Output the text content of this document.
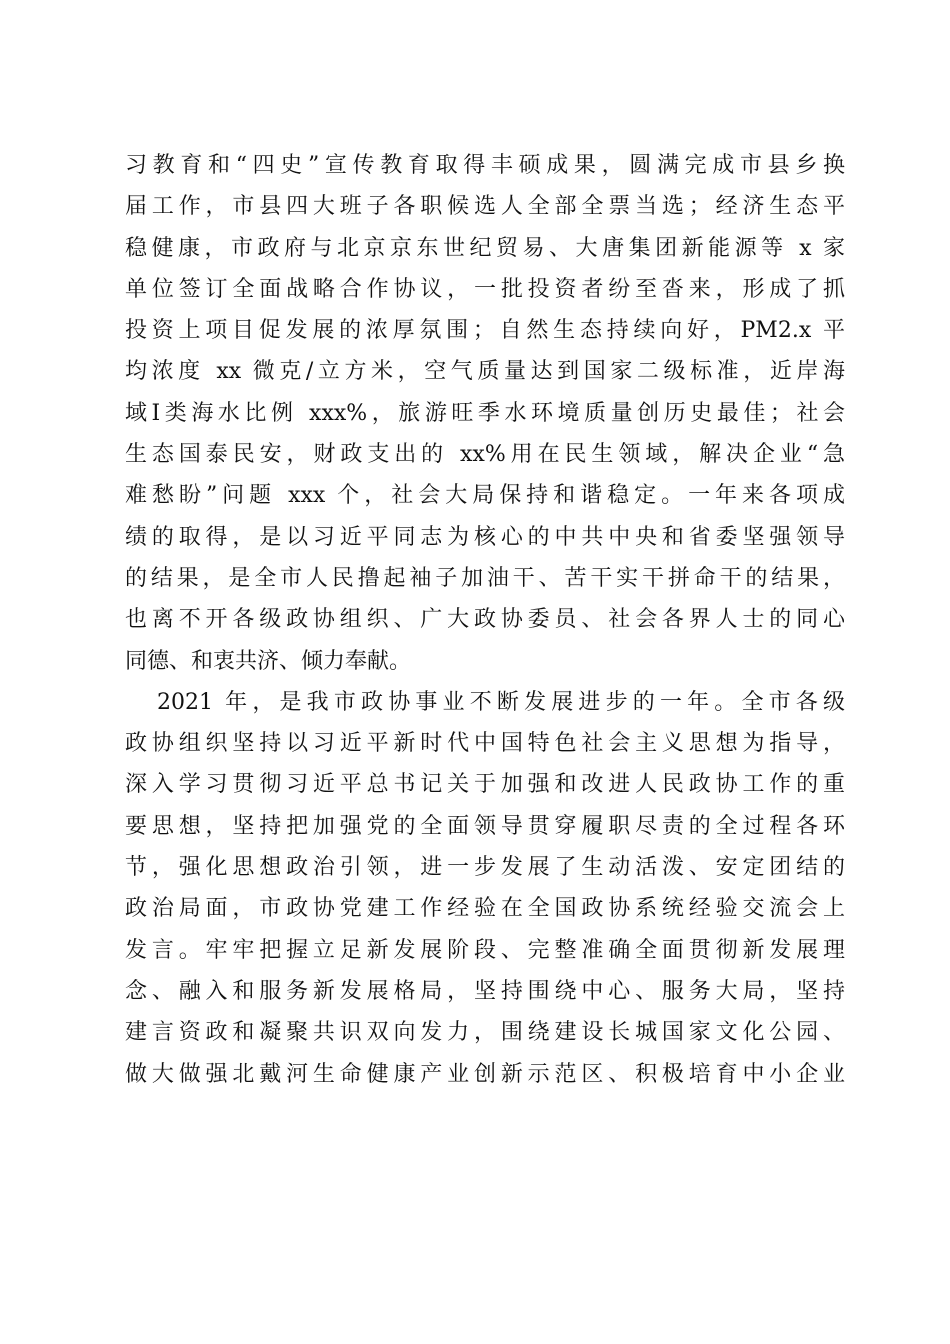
习教育和“四史”宣传教育取得丰硕成果，圆满完成市县乡换
届工作，市县四大班子各职候选人全部全票当选；经济生态平
稳健康，市政府与北京京东世纪贸易、大唐集团新能源等 x 家
单位签订全面战略合作协议，一批投资者纷至沓来，形成了抓
投资上项目促发展的浓厚氛围；自然生态持续向好，PM2.x 平
均浓度 xx 微克/立方米，空气质量达到国家二级标准，近岸海
域Ⅰ类海水比例 xxx%，旅游旺季水环境质量创历史最佳；社会
生态国泰民安，财政支出的 xx%用在民生领域，解决企业“急
难愁盼”问题 xxx 个，社会大局保持和谐稳定。一年来各项成
绩的取得，是以习近平同志为核心的中共中央和省委坚强领导
的结果，是全市人民撸起袖子加油干、苦干实干拼命干的结果，
也离不开各级政协组织、广大政协委员、社会各界人士的同心
同德、和衷共济、倾力奉献。
2021 年，是我市政协事业不断发展进步的一年。全市各级
政协组织坚持以习近平新时代中国特色社会主义思想为指导，
深入学习贯彻习近平总书记关于加强和改进人民政协工作的重
要思想，坚持把加强党的全面领导贯穿履职尽责的全过程各环
节，强化思想政治引领，进一步发展了生动活泼、安定团结的
政治局面，市政协党建工作经验在全国政协系统经验交流会上
发言。牢牢把握立足新发展阶段、完整准确全面贯彻新发展理
念、融入和服务新发展格局，坚持围绕中心、服务大局，坚持
建言资政和凝聚共识双向发力，围绕建设长城国家文化公园、
做大做强北戴河生命健康产业创新示范区、积极培育中小企业
